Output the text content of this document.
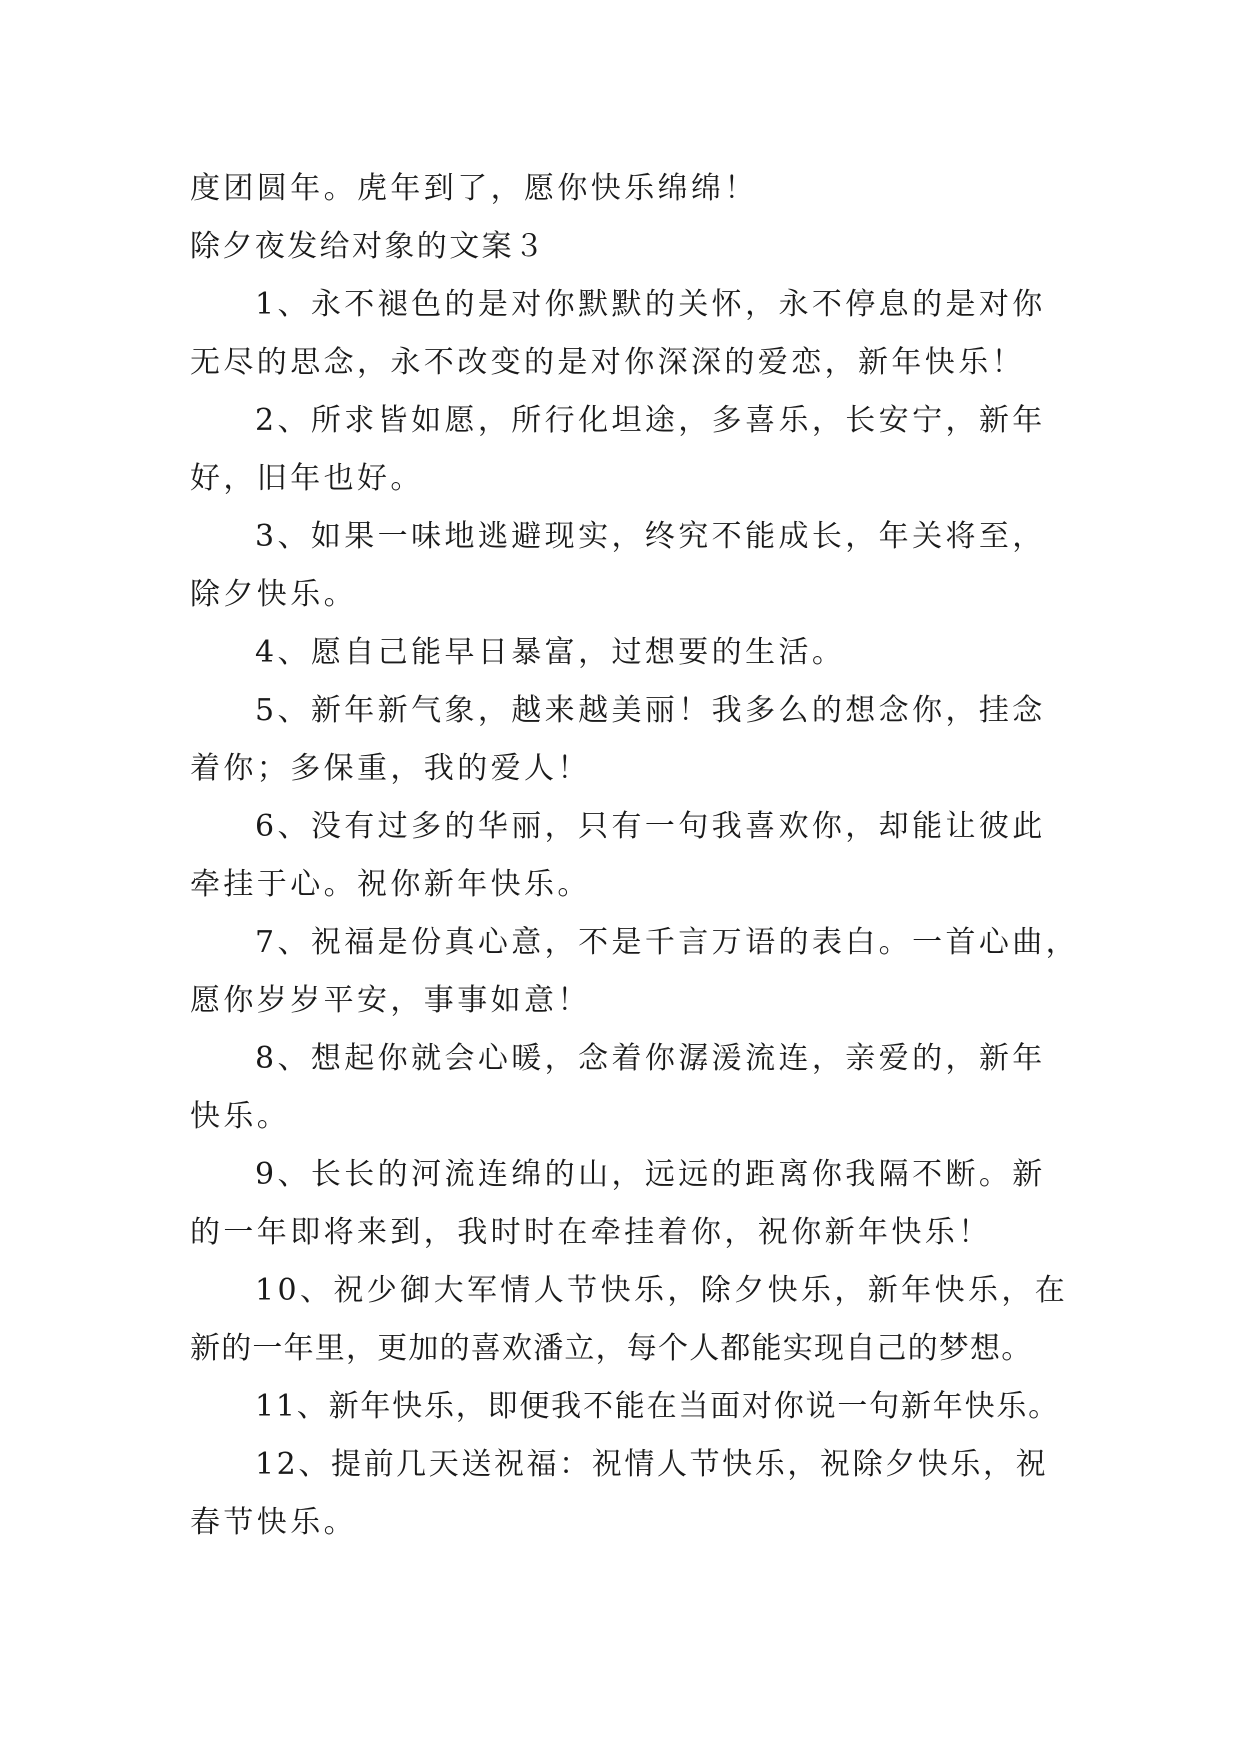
度团圆年。虎年到了，愿你快乐绵绵！
除夕夜发给对象的文案３
1、永不褪色的是对你默默的关怀，永不停息的是对你
无尽的思念，永不改变的是对你深深的爱恋，新年快乐！
2、所求皆如愿，所行化坦途，多喜乐，长安宁，新年
好，旧年也好。
3、如果一味地逃避现实，终究不能成长，年关将至，
除夕快乐。
4、愿自己能早日暴富，过想要的生活。
5、新年新气象，越来越美丽！我多么的想念你，挂念
着你；多保重，我的爱人！
6、没有过多的华丽，只有一句我喜欢你，却能让彼此
牵挂于心。祝你新年快乐。
7、祝福是份真心意，不是千言万语的表白。一首心曲，
愿你岁岁平安，事事如意！
8、想起你就会心暖，念着你潺湲流连，亲爱的，新年
快乐。
9、长长的河流连绵的山，远远的距离你我隔不断。新
的一年即将来到，我时时在牵挂着你，祝你新年快乐！
10、祝少御大军情人节快乐，除夕快乐，新年快乐，在
新的一年里，更加的喜欢潘立，每个人都能实现自己的梦想。
11、新年快乐，即便我不能在当面对你说一句新年快乐。
12、提前几天送祝福：祝情人节快乐，祝除夕快乐，祝
春节快乐。
